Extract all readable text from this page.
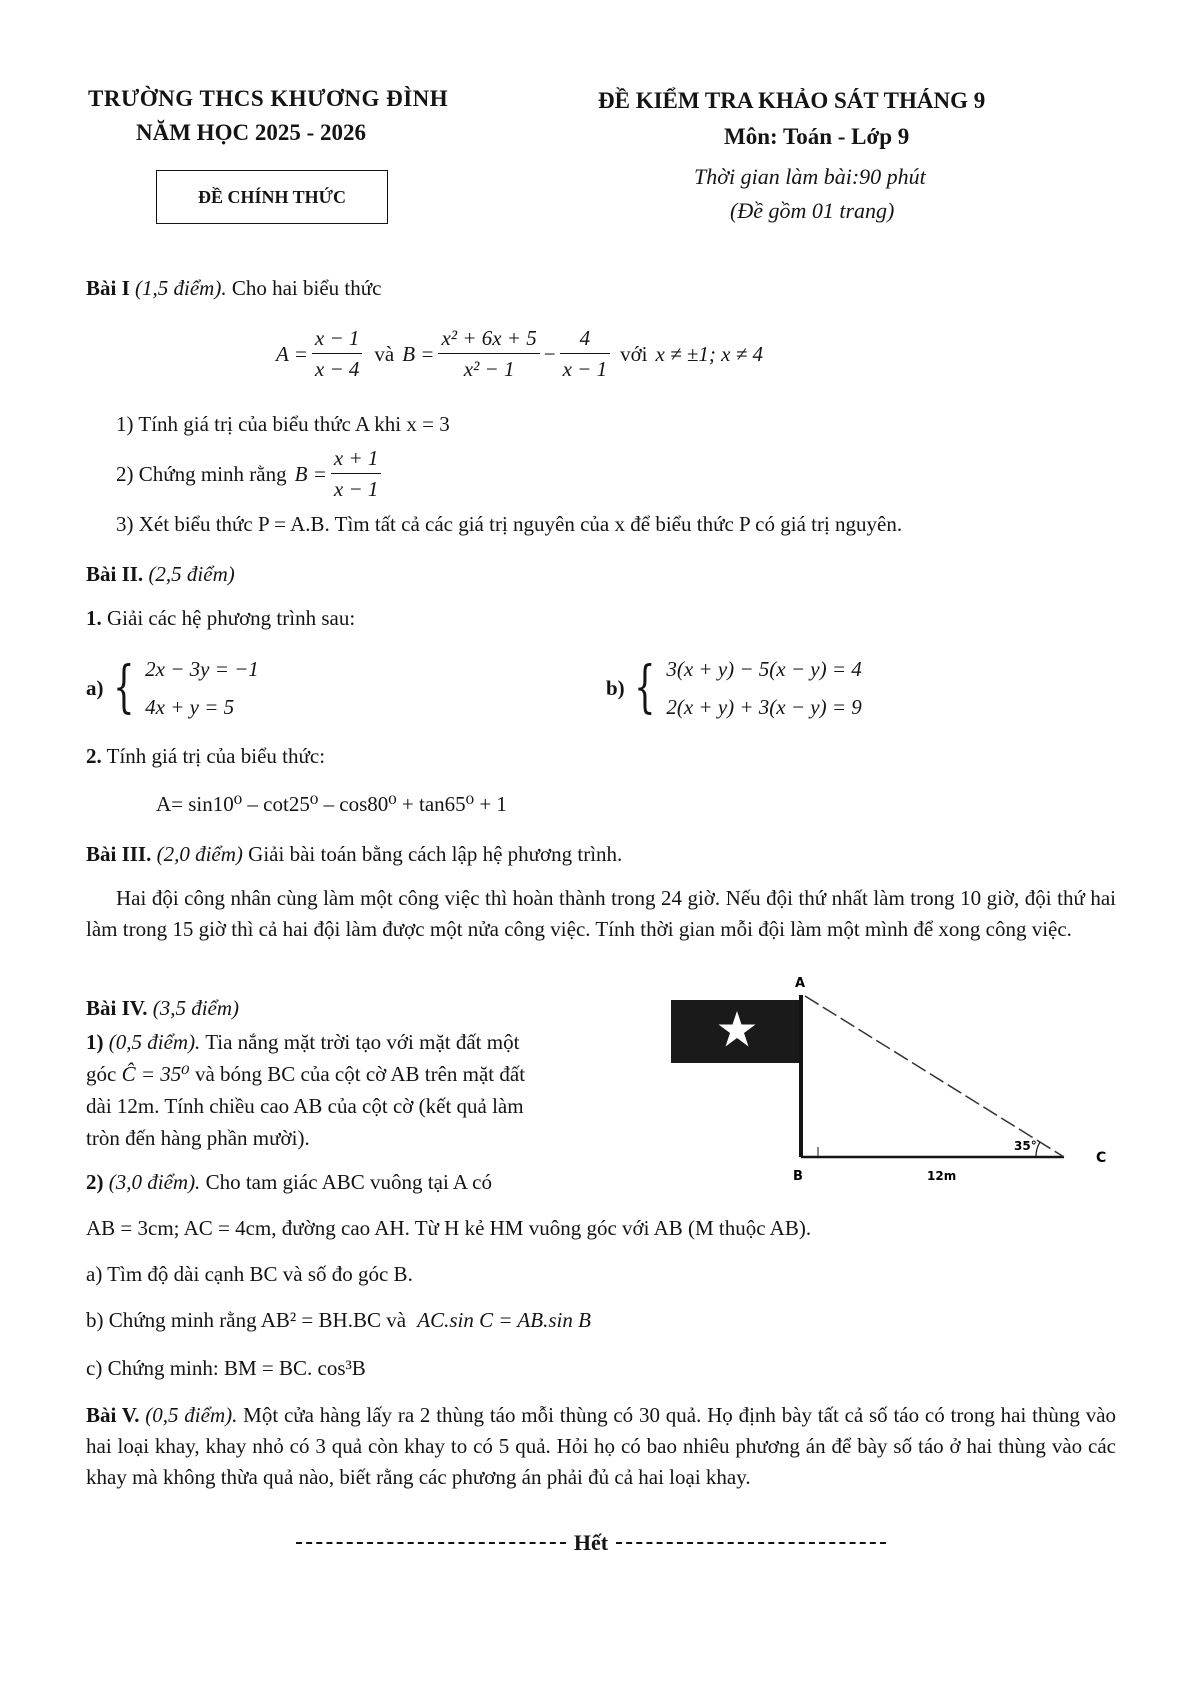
TRƯỜNG THCS KHƯƠNG ĐÌNH
NĂM HỌC 2025 - 2026
ĐỀ CHÍNH THỨC
ĐỀ KIỂM TRA KHẢO SÁT THÁNG 9
Môn: Toán - Lớp 9
Thời gian làm bài:90 phút
(Đề gồm 01 trang)
Bài I (1,5 điểm). Cho hai biểu thức
$A = \frac{x - 1}{x - 4}$ và $B = \frac{\text{x² + 6x + 5}}{\text{x² − 1}} - \frac{4}{x - 1}$ với x ≠ ±1; x ≠ 4
1) Tính giá trị của biểu thức A khi x = 3
2) Chứng minh rằng $B = \frac{x + 1}{x - 1}$
3) Xét biểu thức P = A.B. Tìm tất cả các giá trị nguyên của x để biểu thức P có giá trị nguyên.
Bài II. (2,5 điểm)
1. Giải các hệ phương trình sau:
a) { 2x − 3y = −1
4x + y = 5
b) { 3(x + y) − 5(x − y) = 4
2(x + y) + 3(x − y) = 9
2. Tính giá trị của biểu thức:
A= sin10⁰ – cot25⁰ – cos80⁰ + tan65⁰ + 1
Bài III. (2,0 điểm) Giải bài toán bằng cách lập hệ phương trình.
Hai đội công nhân cùng làm một công việc thì hoàn thành trong 24 giờ. Nếu đội thứ nhất làm trong 10 giờ, đội thứ hai làm trong 15 giờ thì cả hai đội làm được một nửa công việc. Tính thời gian mỗi đội làm một mình để xong công việc.
Bài IV. (3,5 điểm)
1) (0,5 điểm). Tia nắng mặt trời tạo với mặt đất một
góc Ĉ = 35⁰ và bóng BC của cột cờ AB trên mặt đất
dài 12m. Tính chiều cao AB của cột cờ (kết quả làm
tròn đến hàng phần mười).
2) (3,0 điểm). Cho tam giác ABC vuông tại A có
A
B
C
35°
12m
AB = 3cm; AC = 4cm, đường cao AH. Từ H kẻ HM vuông góc với AB (M thuộc AB).
a) Tìm độ dài cạnh BC và số đo góc B.
b) Chứng minh rằng AB² = BH.BC và AC.sin C = AB.sin B
c) Chứng minh: BM = BC. cos³B
Bài V. (0,5 điểm). Một cửa hàng lấy ra 2 thùng táo mỗi thùng có 30 quả. Họ định bày tất cả số táo có trong hai thùng vào hai loại khay, khay nhỏ có 3 quả còn khay to có 5 quả. Hỏi họ có bao nhiêu phương án để bày số táo ở hai thùng vào các khay mà không thừa quả nào, biết rằng các phương án phải đủ cả hai loại khay.
Hết
